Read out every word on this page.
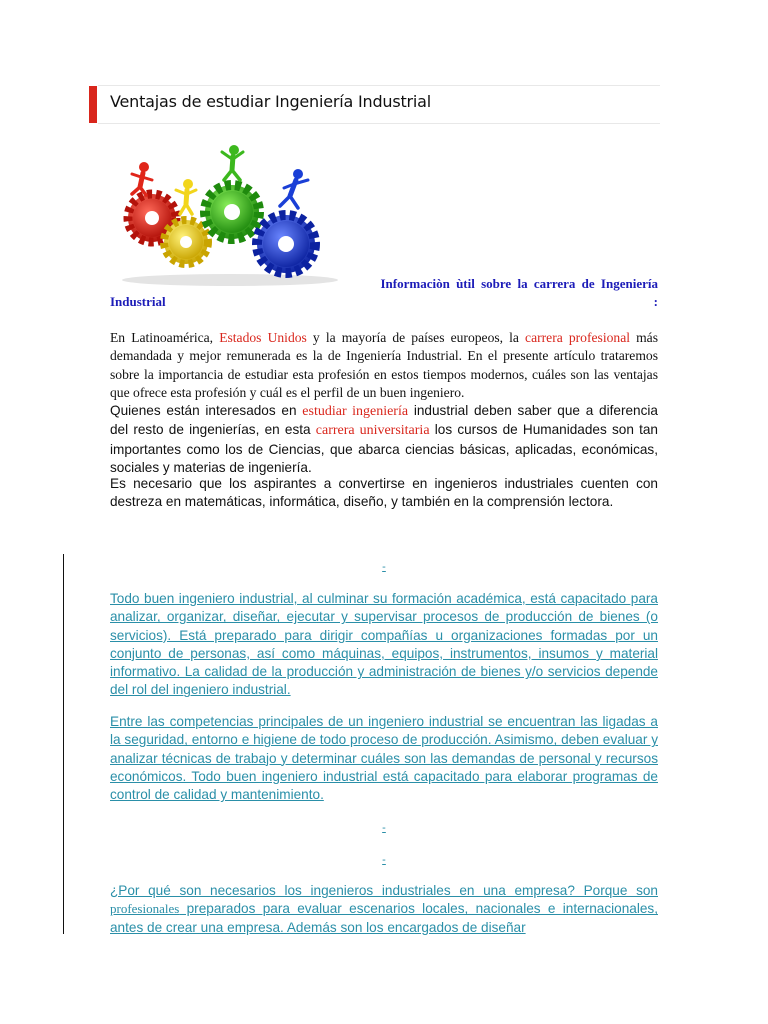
Ventajas de estudiar Ingeniería Industrial
Informaciòn ùtil sobre la carrera de Ingeniería
Industrial	:
En Latinoamérica, Estados Unidos y la mayoría de países europeos, la carrera profesional más demandada y mejor remunerada es la de Ingeniería Industrial. En el presente artículo trataremos sobre la importancia de estudiar esta profesión en estos tiempos modernos, cuáles son las ventajas que ofrece esta profesión y cuál es el perfil de un buen ingeniero.
Quienes están interesados en estudiar ingeniería industrial deben saber que a diferencia del resto de ingenierías, en esta carrera universitaria los cursos de Humanidades son tan importantes como los de Ciencias, que abarca ciencias básicas, aplicadas, económicas, sociales y materias de ingeniería.
Es necesario que los aspirantes a convertirse en ingenieros industriales cuenten con destreza en matemáticas, informática, diseño, y también en la comprensión lectora.
-
Todo buen ingeniero industrial, al culminar su formación académica, está capacitado para analizar, organizar, diseñar, ejecutar y supervisar procesos de producción de bienes (o servicios). Está preparado para dirigir compañías u organizaciones formadas por un conjunto de personas, así como máquinas, equipos, instrumentos, insumos y material informativo. La calidad de la producción y administración de bienes y/o servicios depende del rol del ingeniero industrial.
Entre las competencias principales de un ingeniero industrial se encuentran las ligadas a la seguridad, entorno e higiene de todo proceso de producción. Asimismo, deben evaluar y analizar técnicas de trabajo y determinar cuáles son las demandas de personal y recursos económicos. Todo buen ingeniero industrial está capacitado para elaborar programas de control de calidad y mantenimiento.
-
-
¿Por qué son necesarios los ingenieros industriales en una empresa? Porque son profesionales preparados para evaluar escenarios locales, nacionales e internacionales, antes de crear una empresa. Además son los encargados de diseñar
